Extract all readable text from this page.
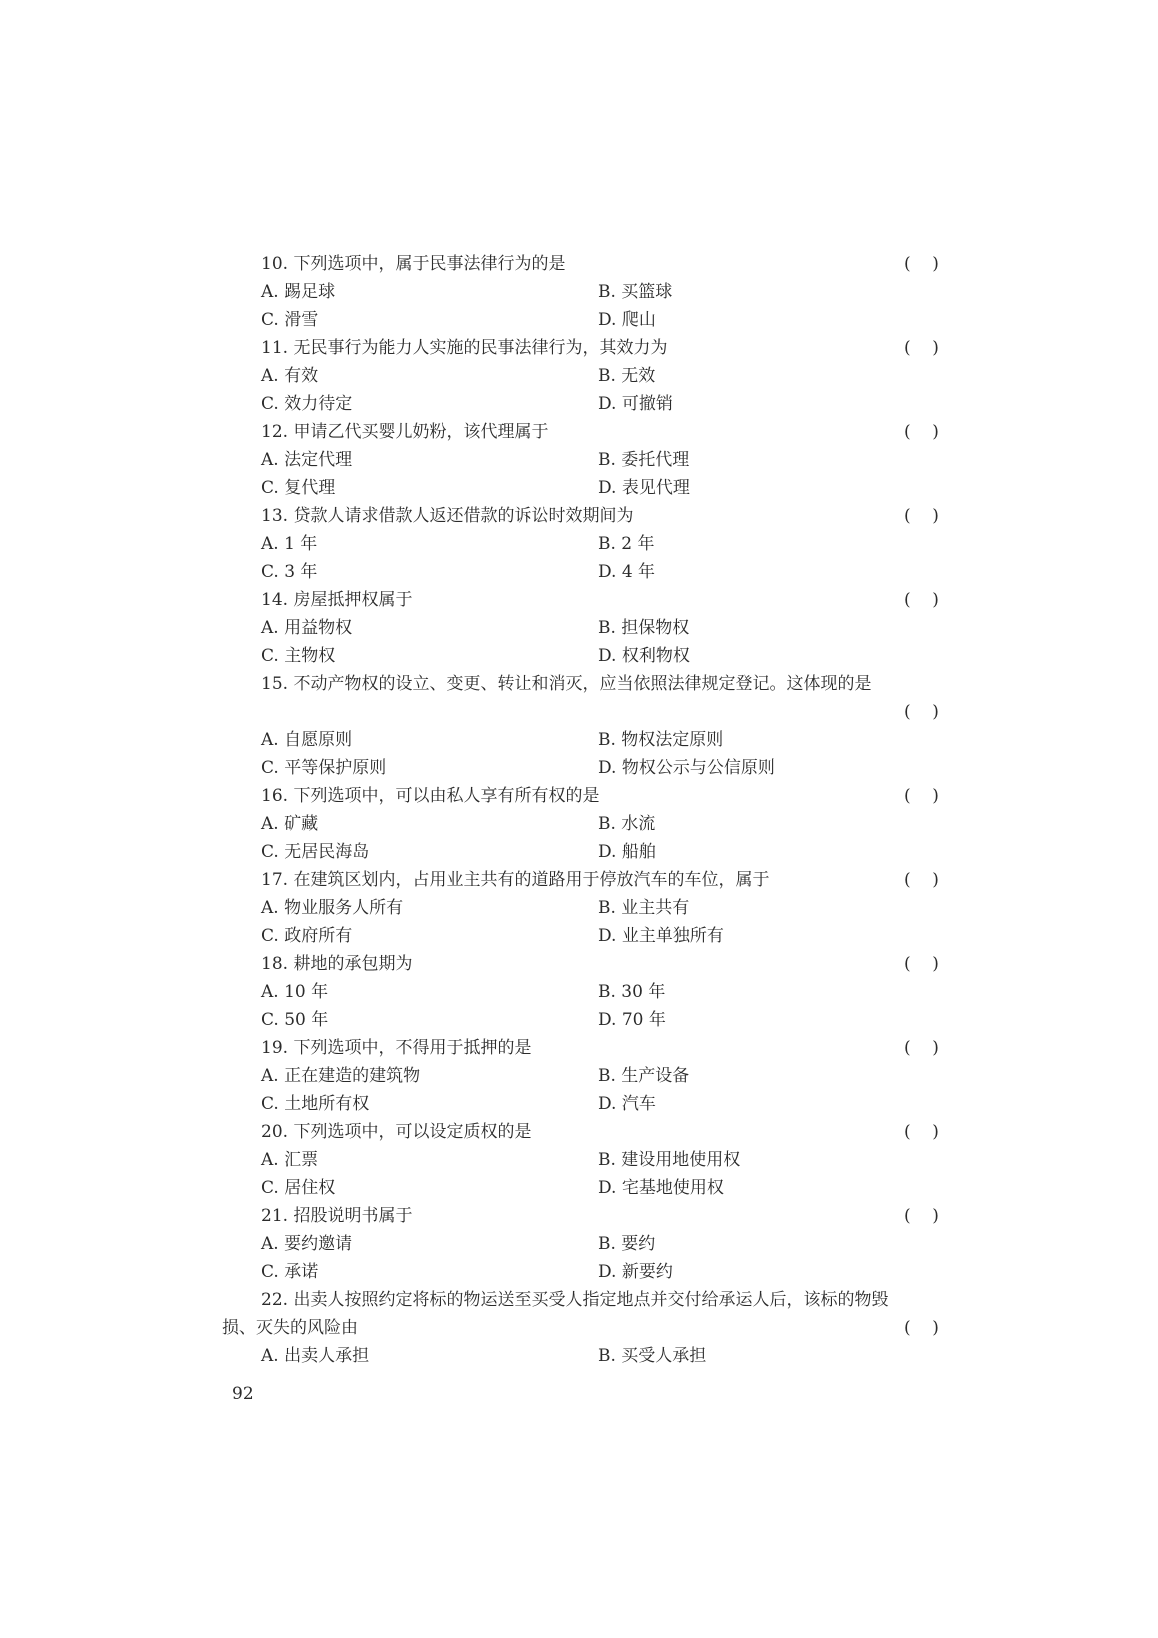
10. 下列选项中，属于民事法律行为的是	(    )
A. 踢足球	B. 买篮球
C. 滑雪	D. 爬山
11. 无民事行为能力人实施的民事法律行为，其效力为	(    )
A. 有效	B. 无效
C. 效力待定	D. 可撤销
12. 甲请乙代买婴儿奶粉，该代理属于	(    )
A. 法定代理	B. 委托代理
C. 复代理	D. 表见代理
13. 贷款人请求借款人返还借款的诉讼时效期间为	(    )
A. 1 年	B. 2 年
C. 3 年	D. 4 年
14. 房屋抵押权属于	(    )
A. 用益物权	B. 担保物权
C. 主物权	D. 权利物权
15. 不动产物权的设立、变更、转让和消灭，应当依照法律规定登记。这体现的是
(    )
A. 自愿原则	B. 物权法定原则
C. 平等保护原则	D. 物权公示与公信原则
16. 下列选项中，可以由私人享有所有权的是	(    )
A. 矿藏	B. 水流
C. 无居民海岛	D. 船舶
17. 在建筑区划内，占用业主共有的道路用于停放汽车的车位，属于	(    )
A. 物业服务人所有	B. 业主共有
C. 政府所有	D. 业主单独所有
18. 耕地的承包期为	(    )
A. 10 年	B. 30 年
C. 50 年	D. 70 年
19. 下列选项中，不得用于抵押的是	(    )
A. 正在建造的建筑物	B. 生产设备
C. 土地所有权	D. 汽车
20. 下列选项中，可以设定质权的是	(    )
A. 汇票	B. 建设用地使用权
C. 居住权	D. 宅基地使用权
21. 招股说明书属于	(    )
A. 要约邀请	B. 要约
C. 承诺	D. 新要约
22. 出卖人按照约定将标的物运送至买受人指定地点并交付给承运人后，该标的物毁
损、灭失的风险由	(    )
A. 出卖人承担	B. 买受人承担
92
